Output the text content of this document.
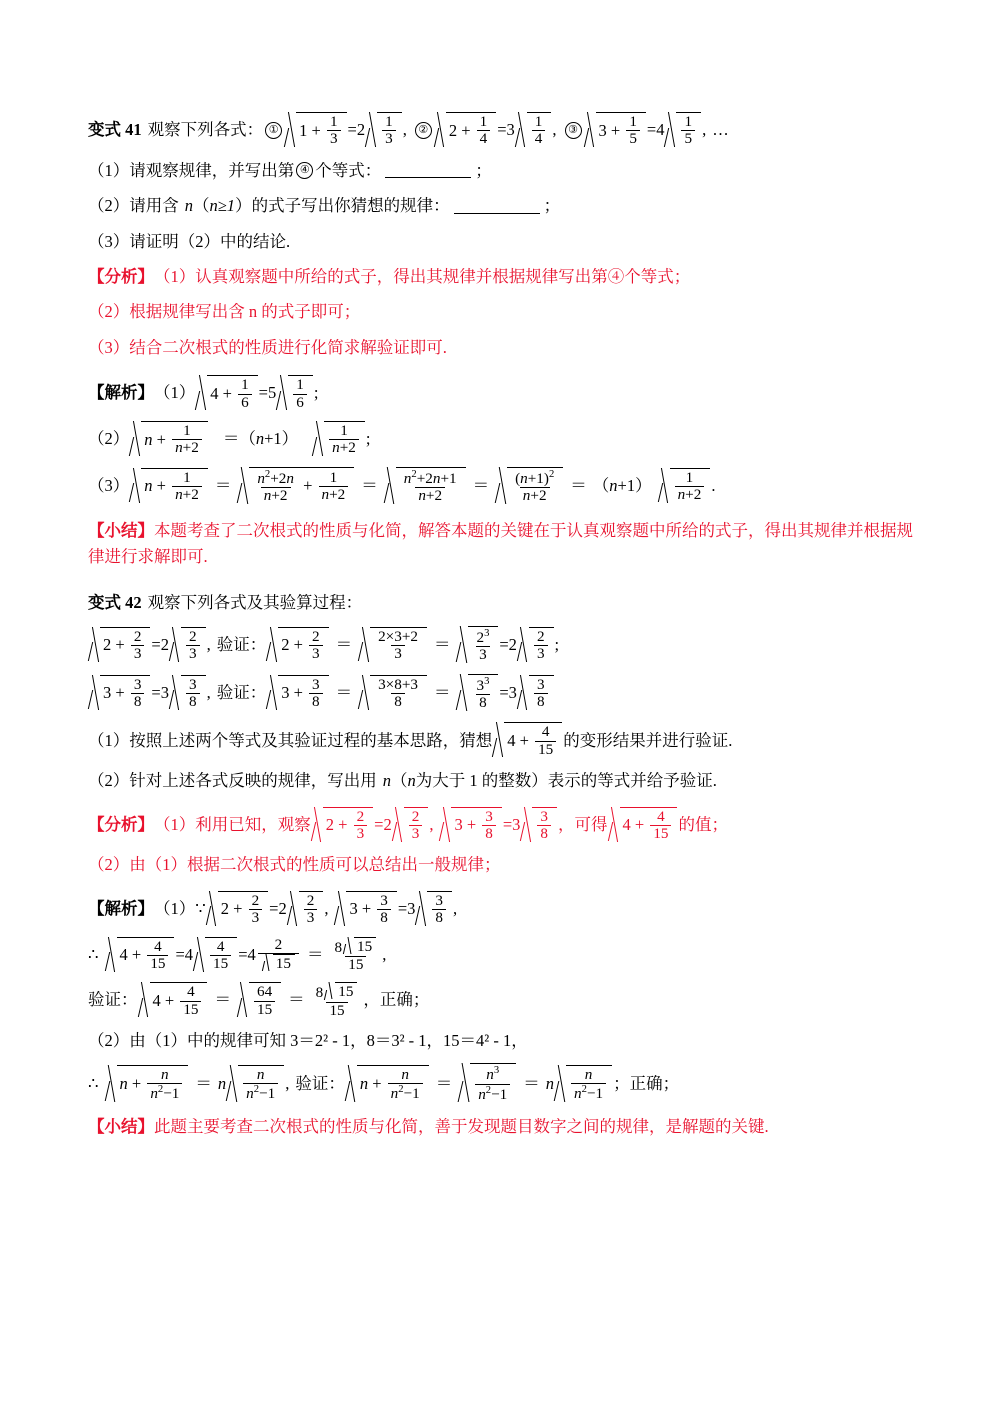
变式 41 观察下列各式： ①
$1 + \frac{1}{3} =2$
$\frac{1}{3}$ ,	②
$2 + \frac{1}{4} =3$
$\frac{1}{4}$ ,	③
$3 + \frac{1}{5} =4$
$\frac{1}{5}$ , …
（1） 请观察规律，并写出第 ④ 个等式：	；
（2） 请用含 n （ n≥1 ）的式子写出你猜想的规律：	；
（3） 请证明（2）中的结论.
【分析】 （1）认真观察题中所给的式子，得出其规律并根据规律写出第④个等式；
（2）根据规律写出含 n 的式子即可；
（3）结合二次根式的性质进行化简求解验证即可.
【解析】 （1）
$4 + \frac{1}{6} =5$
$\frac{1}{6}$ ;
（2）
$n + \frac{1}{n+2} = (n+1)$
$\frac{1}{n+2}$ ;
（3）
$n + \frac{1}{n+2}$ ＝
$\frac{n^2+2n}{n+2} + \frac{1}{n+2}$ ＝
$\frac{n^2+2n+1}{n+2}$ ＝
$\frac{(n+1)^2}{n+2} = (n+1)$
$\frac{1}{n+2}$ .
【小结】本题考查了二次根式的性质与化简，解答本题的关键在于认真观察题中所给的式子，得出其规律并根据规律进行求解即可.
变式 42 观察下列各式及其验算过程：

$2 + \frac{2}{3} =2$
$\frac{2}{3}$ , 验证：
$2 + \frac{2}{3}$ ＝
$\frac{2\times 3+2}{3}$ ＝
$\frac{2^3}{3} =2$
$\frac{2}{3}$ ;

$3 + \frac{3}{8} =3$
$\frac{3}{8}$ , 验证：
$3 + \frac{3}{8}$ ＝
$\frac{3\times 8+3}{8}$ ＝
$\frac{3^3}{8} =3$
$\frac{3}{8}$
（1） 按照上述两个等式及其验证过程的基本思路，猜想
$4 + \frac{4}{15}$ 的变形结果并进行验证.
（2） 针对上述各式反映的规律，写出用 n （ n 为大于 1 的整数）表示的等式并给予验证.
【分析】 （1）利用已知，观察
$2 + \frac{2}{3} =2$
$\frac{2}{3}$ ,
$3 + \frac{3}{8} =3$
$\frac{3}{8}$ ，可得
$4 + \frac{4}{15}$ 的值；
（2）由（1）根据二次根式的性质可以总结出一般规律；
【解析】 （1） ∵
$2 + \frac{2}{3} =2$
$\frac{2}{3}$ ,
$3 + \frac{3}{8} =3$
$\frac{3}{8}$ ,
∴
$4 + \frac{4}{15} =4$
$\frac{4}{15} =4 \frac{2}{15} = 8$
15
15 ,
验证：
$4 + \frac{4}{15}$ ＝
$\frac{64}{15} = 8$
15
15 ，正确；
（2）由（1）中的规律可知 3＝2² - 1，8＝3² - 1，15＝4² - 1，
∴
$n + \frac{n}{n^2-1} = n$
$\frac{n}{n^2-1}$ , 验证：
$n + \frac{n}{n^2-1}$ ＝
$\frac{n^3}{n^2-1} = n$
$\frac{n}{n^2-1}$ ；正确；
【小结】此题主要考查二次根式的性质与化简，善于发现题目数字之间的规律，是解题的关键.
